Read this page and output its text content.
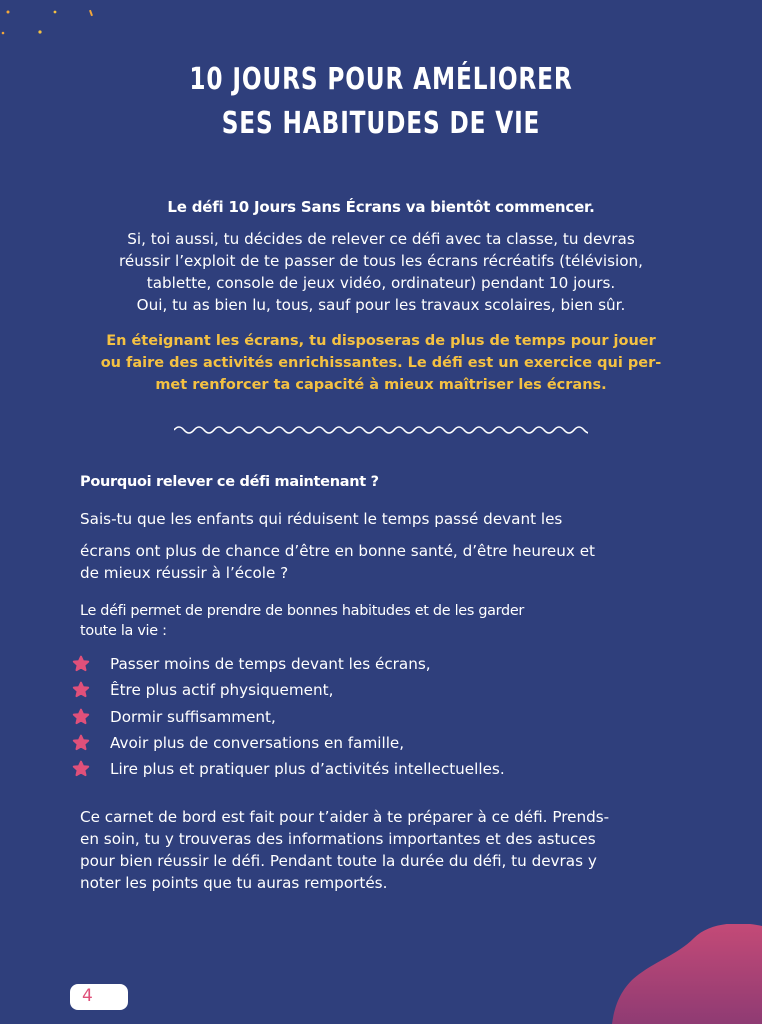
10 JOURS POUR AMÉLIORER
SES HABITUDES DE VIE
Le défi 10 Jours Sans Écrans va bientôt commencer.
Si, toi aussi, tu décides de relever ce défi avec ta classe, tu devras
réussir l’exploit de te passer de tous les écrans récréatifs (télévision,
tablette, console de jeux vidéo, ordinateur) pendant 10 jours.
Oui, tu as bien lu, tous, sauf pour les travaux scolaires, bien sûr.
En éteignant les écrans, tu disposeras de plus de temps pour jouer
ou faire des activités enrichissantes. Le défi est un exercice qui per-
met renforcer ta capacité à mieux maîtriser les écrans.
Pourquoi relever ce défi maintenant ?
Sais-tu que les enfants qui réduisent le temps passé devant les
écrans ont plus de chance d’être en bonne santé, d’être heureux et
de mieux réussir à l’école ?
Le défi permet de prendre de bonnes habitudes et de les garder
toute la vie :
Passer moins de temps devant les écrans,
Être plus actif physiquement,
Dormir suffisamment,
Avoir plus de conversations en famille,
Lire plus et pratiquer plus d’activités intellectuelles.
Ce carnet de bord est fait pour t’aider à te préparer à ce défi. Prends-
en soin, tu y trouveras des informations importantes et des astuces
pour bien réussir le défi. Pendant toute la durée du défi, tu devras y
noter les points que tu auras remportés.
4
